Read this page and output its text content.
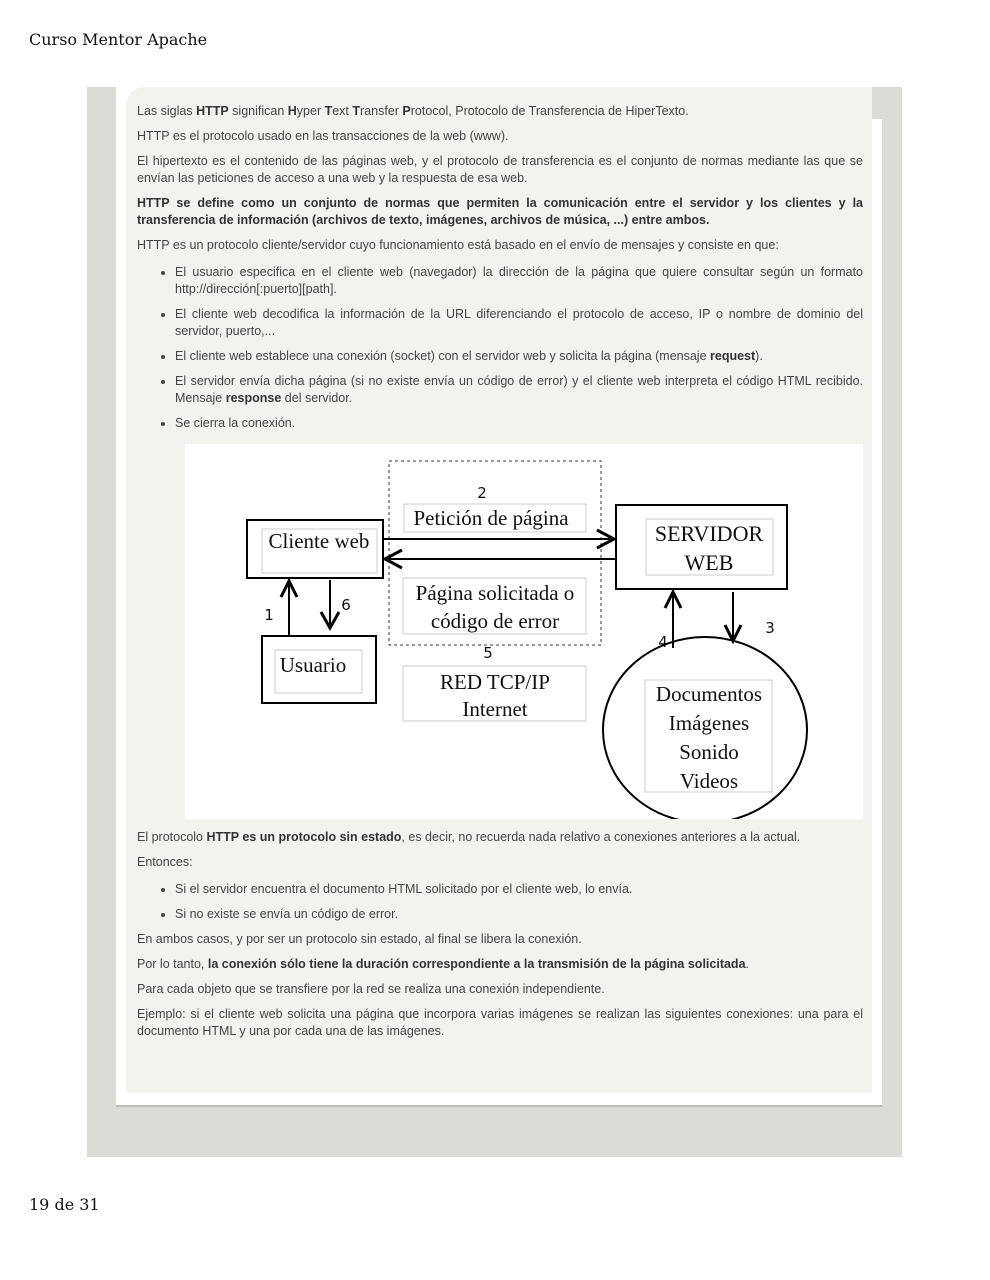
Curso Mentor Apache

Las siglas HTTP significan Hyper Text Transfer Protocol, Protocolo de Transferencia de HiperTexto.

HTTP es el protocolo usado en las transacciones de la web (www).

El hipertexto es el contenido de las páginas web, y el protocolo de transferencia es el conjunto de normas mediante las que se envían las peticiones de acceso a una web y la respuesta de esa web.

HTTP se define como un conjunto de normas que permiten la comunicación entre el servidor y los clientes y la transferencia de información (archivos de texto, imágenes, archivos de música, ...) entre ambos.

HTTP es un protocolo cliente/servidor cuyo funcionamiento está basado en el envío de mensajes y consiste en que:

• El usuario especifica en el cliente web (navegador) la dirección de la página que quiere consultar según un formato http://dirección[:puerto][path].
• El cliente web decodifica la información de la URL diferenciando el protocolo de acceso, IP o nombre de dominio del servidor, puerto,...
• El cliente web establece una conexión (socket) con el servidor web y solicita la página (mensaje request).
• El servidor envía dicha página (si no existe envía un código de error) y el cliente web interpreta el código HTML recibido. Mensaje response del servidor.
• Se cierra la conexión.
Cliente web
Petición de página
2
SERVIDOR
WEB
Página solicitada o
código de error
5
RED TCP/IP
Internet
Usuario
1
6
4
3
Documentos
Imágenes
Sonido
Videos

El protocolo HTTP es un protocolo sin estado, es decir, no recuerda nada relativo a conexiones anteriores a la actual.

Entonces:

• Si el servidor encuentra el documento HTML solicitado por el cliente web, lo envía.
• Si no existe se envía un código de error.

En ambos casos, y por ser un protocolo sin estado, al final se libera la conexión.

Por lo tanto, la conexión sólo tiene la duración correspondiente a la transmisión de la página solicitada.

Para cada objeto que se transfiere por la red se realiza una conexión independiente.

Ejemplo: si el cliente web solicita una página que incorpora varias imágenes se realizan las siguientes conexiones: una para el documento HTML y una por cada una de las imágenes.

19 de 31
